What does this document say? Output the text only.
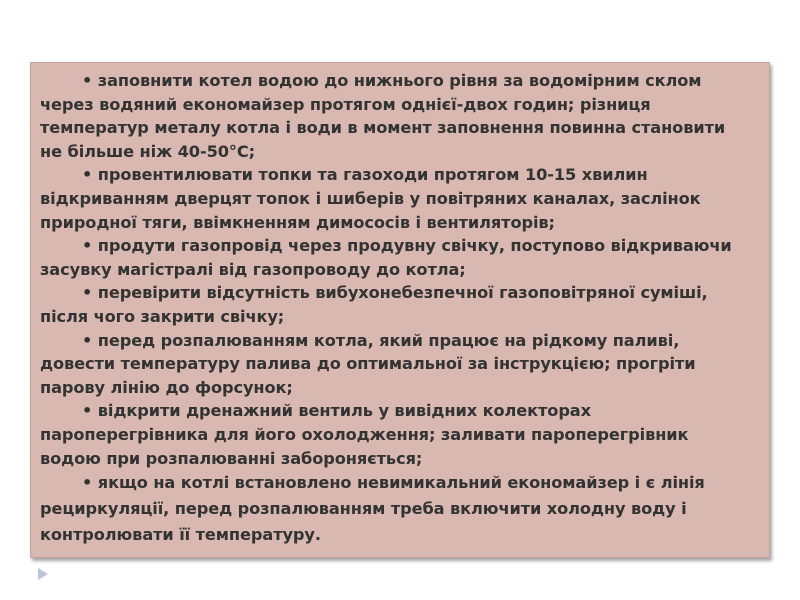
• заповнити котел водою до нижнього рівня за водомірним склом через водяний економайзер протягом однієї-двох годин; різниця температур металу котла і води в момент заповнення повинна становити не більше ніж 40-50°С;

• провентилювати топки та газоходи протягом 10-15 хвилин відкриванням дверцят топок і шиберів у повітряних каналах, заслінок природної тяги, ввімкненням димососів і вентиляторів;

• продути газопровід через продувну свічку, поступово відкриваючи засувку магістралі від газопроводу до котла;

• перевірити відсутність вибухонебезпечної газоповітряної суміші, після чого закрити свічку;

• перед розпалюванням котла, який працює на рідкому паливі, довести температуру палива до оптимальної за інструкцією; прогріти парову лінію до форсунок;

• відкрити дренажний вентиль у вивідних колекторах пароперегрівника для його охолодження; заливати пароперегрівник водою при розпалюванні забороняється;

• якщо на котлі встановлено невимикальний економайзер і є лінія рециркуляції, перед розпалюванням треба включити холодну воду і контролювати її температуру.
